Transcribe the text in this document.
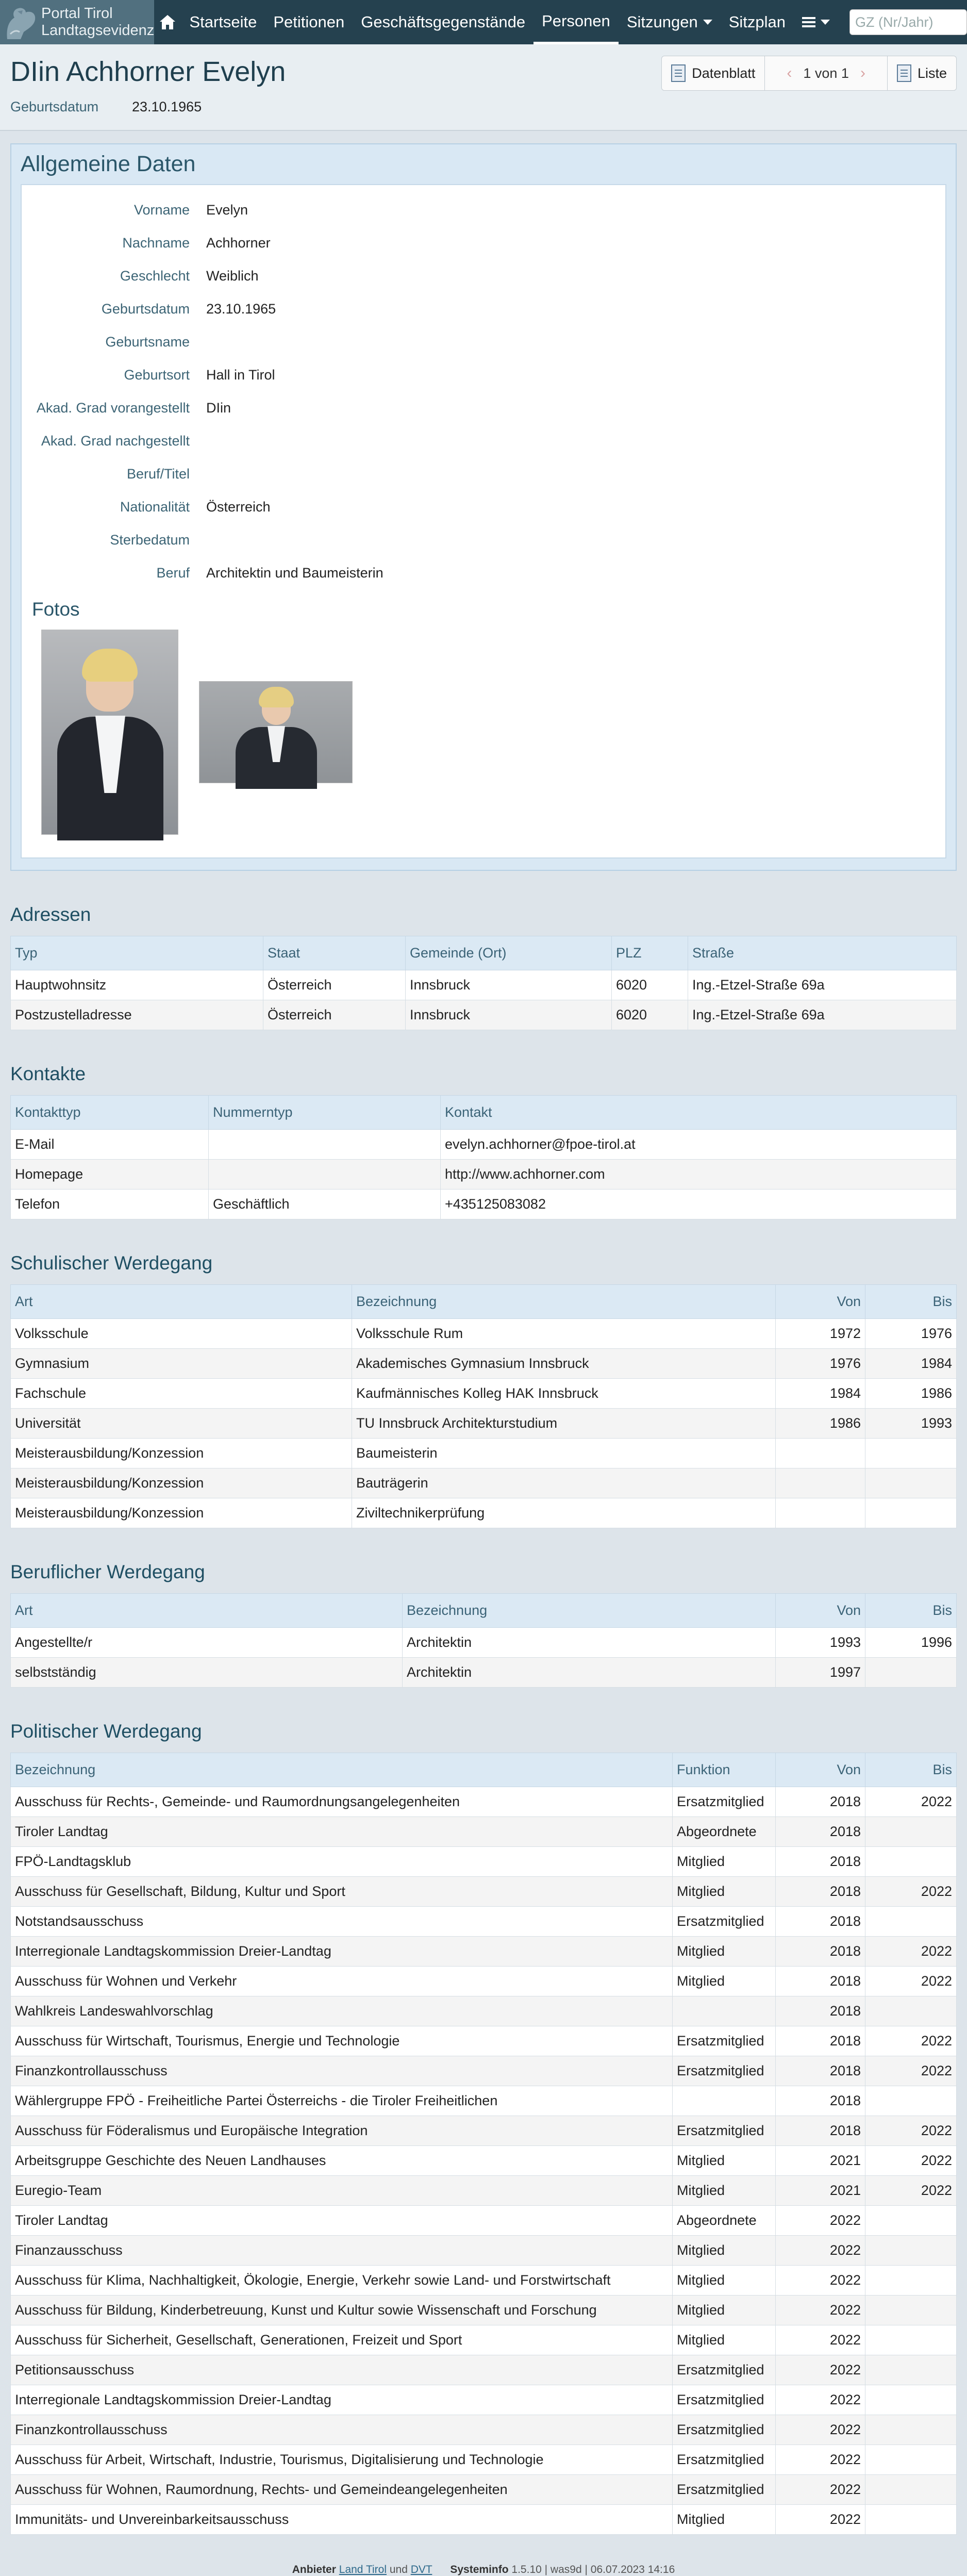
Portal Tirol
Landtagsevidenz	Startseite	Petitionen	Geschäftsgegenstände	Personen	Sitzungen	Sitzplan
GZ (Nr/Jahr)
DIin Achhorner Evelyn
Geburtsdatum	23.10.1965
Datenblatt ‹ 1 von 1 ›	Liste
Allgemeine Daten
Vorname	Evelyn
Nachname	Achhorner
Geschlecht	Weiblich
Geburtsdatum	23.10.1965
Geburtsname
Geburtsort	Hall in Tirol
Akad. Grad vorangestellt	DIin
Akad. Grad nachgestellt
Beruf/Titel
Nationalität	Österreich
Sterbedatum
Beruf	Architektin und Baumeisterin
Fotos
Adressen
Typ	Staat	Gemeinde (Ort)	PLZ	Straße
Hauptwohnsitz	Österreich	Innsbruck	6020	Ing.-Etzel-Straße 69a
Postzustelladresse	Österreich	Innsbruck	6020	Ing.-Etzel-Straße 69a
Kontakte
Kontakttyp	Nummerntyp	Kontakt
E-Mail		evelyn.achhorner@fpoe-tirol.at
Homepage		http://www.achhorner.com
Telefon	Geschäftlich	+435125083082
Schulischer Werdegang
Art	Bezeichnung	Von	Bis
Volksschule	Volksschule Rum	1972	1976
Gymnasium	Akademisches Gymnasium Innsbruck	1976	1984
Fachschule	Kaufmännisches Kolleg HAK Innsbruck	1984	1986
Universität	TU Innsbruck Architekturstudium	1986	1993
Meisterausbildung/Konzession	Baumeisterin		
Meisterausbildung/Konzession	Bauträgerin		
Meisterausbildung/Konzession	Ziviltechnikerprüfung		
Beruflicher Werdegang
Art	Bezeichnung	Von	Bis
Angestellte/r	Architektin	1993	1996
selbstständig	Architektin	1997	
Politischer Werdegang
Bezeichnung	Funktion	Von	Bis
Ausschuss für Rechts-, Gemeinde- und Raumordnungsangelegenheiten	Ersatzmitglied	2018	2022
Tiroler Landtag	Abgeordnete	2018	
FPÖ-Landtagsklub	Mitglied	2018	
Ausschuss für Gesellschaft, Bildung, Kultur und Sport	Mitglied	2018	2022
Notstandsausschuss	Ersatzmitglied	2018	
Interregionale Landtagskommission Dreier-Landtag	Mitglied	2018	2022
Ausschuss für Wohnen und Verkehr	Mitglied	2018	2022
Wahlkreis Landeswahlvorschlag		2018	
Ausschuss für Wirtschaft, Tourismus, Energie und Technologie	Ersatzmitglied	2018	2022
Finanzkontrollausschuss	Ersatzmitglied	2018	2022
Wählergruppe FPÖ - Freiheitliche Partei Österreichs - die Tiroler Freiheitlichen		2018	
Ausschuss für Föderalismus und Europäische Integration	Ersatzmitglied	2018	2022
Arbeitsgruppe Geschichte des Neuen Landhauses	Mitglied	2021	2022
Euregio-Team	Mitglied	2021	2022
Tiroler Landtag	Abgeordnete	2022	
Finanzausschuss	Mitglied	2022	
Ausschuss für Klima, Nachhaltigkeit, Ökologie, Energie, Verkehr sowie Land- und Forstwirtschaft	Mitglied	2022	
Ausschuss für Bildung, Kinderbetreuung, Kunst und Kultur sowie Wissenschaft und Forschung	Mitglied	2022	
Ausschuss für Sicherheit, Gesellschaft, Generationen, Freizeit und Sport	Mitglied	2022	
Petitionsausschuss	Ersatzmitglied	2022	
Interregionale Landtagskommission Dreier-Landtag	Ersatzmitglied	2022	
Finanzkontrollausschuss	Ersatzmitglied	2022	
Ausschuss für Arbeit, Wirtschaft, Industrie, Tourismus, Digitalisierung und Technologie	Ersatzmitglied	2022	
Ausschuss für Wohnen, Raumordnung, Rechts- und Gemeindeangelegenheiten	Ersatzmitglied	2022	
Immunitäts- und Unvereinbarkeitsausschuss	Mitglied	2022	
Anbieter Land Tirol und DVT Systeminfo 1.5.10 | was9d | 06.07.2023 14:16
